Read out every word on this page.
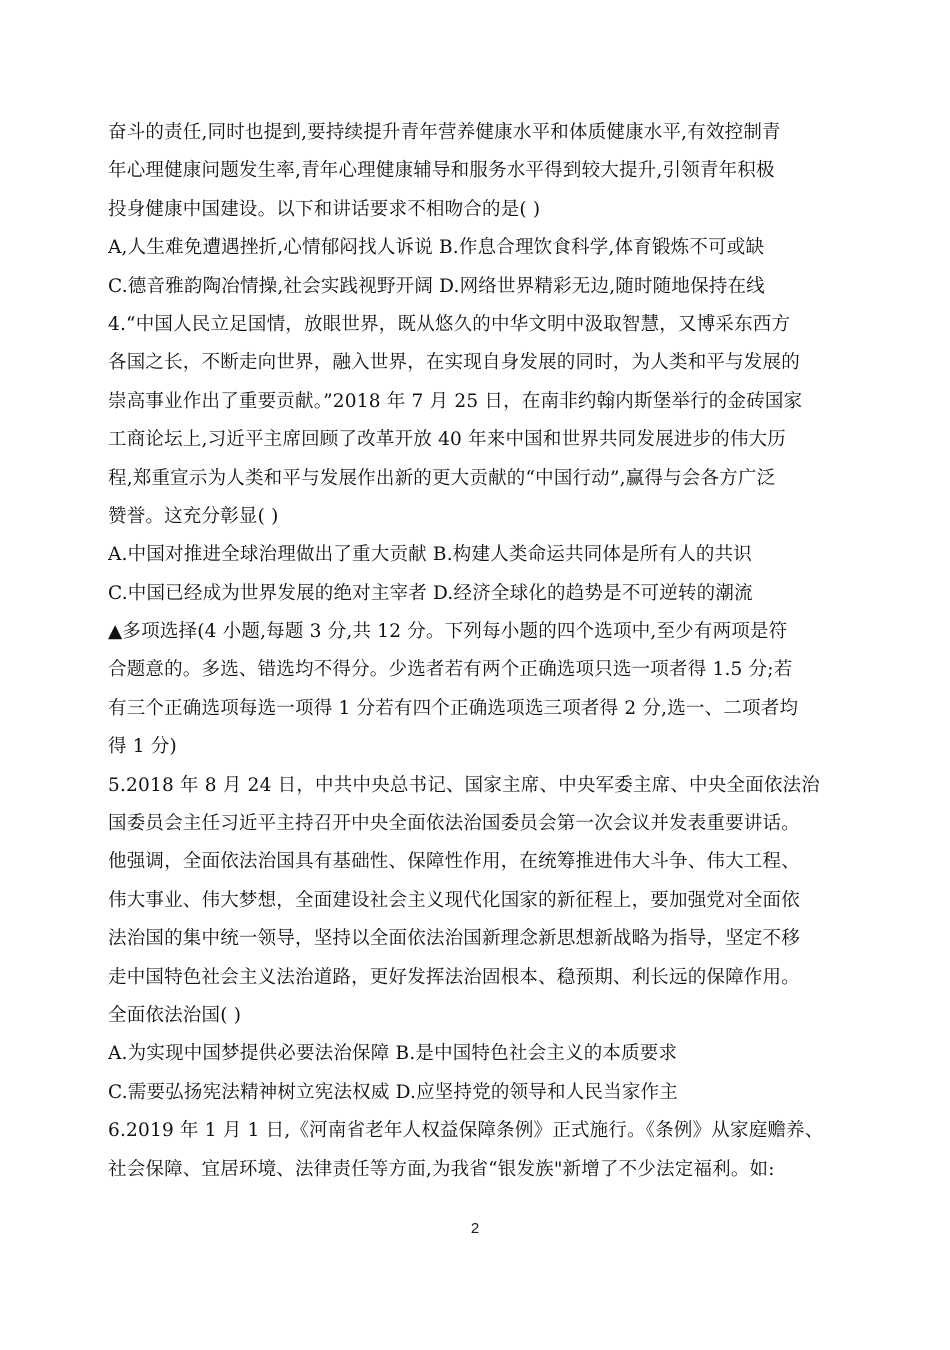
奋斗的责任,同时也提到,要持续提升青年营养健康水平和体质健康水平,有效控制青
年心理健康问题发生率,青年心理健康辅导和服务水平得到较大提升,引领青年积极
投身健康中国建设。以下和讲话要求不相吻合的是( )
A,人生难免遭遇挫折,心情郁闷找人诉说 B.作息合理饮食科学,体育锻炼不可或缺
C.德音雅韵陶冶情操,社会实践视野开阔 D.网络世界精彩无边,随时随地保持在线
4.“中国人民立足国情，放眼世界，既从悠久的中华文明中汲取智慧，又博采东西方
各国之长，不断走向世界，融入世界，在实现自身发展的同时，为人类和平与发展的
崇高事业作出了重要贡献。”2018 年 7 月 25 日，在南非约翰内斯堡举行的金砖国家
工商论坛上,习近平主席回顾了改革开放 40 年来中国和世界共同发展进步的伟大历
程,郑重宣示为人类和平与发展作出新的更大贡献的“中国行动”,赢得与会各方广泛
赞誉。这充分彰显( )
A.中国对推进全球治理做出了重大贡献 B.构建人类命运共同体是所有人的共识
C.中国已经成为世界发展的绝对主宰者 D.经济全球化的趋势是不可逆转的潮流
▲多项选择(4 小题,每题 3 分,共 12 分。下列每小题的四个选项中,至少有两项是符
合题意的。多选、错选均不得分。少选者若有两个正确选项只选一项者得 1.5 分;若
有三个正确选项每选一项得 1 分若有四个正确选项选三项者得 2 分,选一、二项者均
得 1 分)
5.2018 年 8 月 24 日，中共中央总书记、国家主席、中央军委主席、中央全面依法治
国委员会主任习近平主持召开中央全面依法治国委员会第一次会议并发表重要讲话。
他强调，全面依法治国具有基础性、保障性作用，在统筹推进伟大斗争、伟大工程、
伟大事业、伟大梦想，全面建设社会主义现代化国家的新征程上，要加强党对全面依
法治国的集中统一领导，坚持以全面依法治国新理念新思想新战略为指导，坚定不移
走中国特色社会主义法治道路，更好发挥法治固根本、稳预期、利长远的保障作用。
全面依法治国( )
A.为实现中国梦提供必要法治保障 B.是中国特色社会主义的本质要求
C.需要弘扬宪法精神树立宪法权威 D.应坚持党的领导和人民当家作主
6.2019 年 1 月 1 日,《河南省老年人权益保障条例》正式施行。《条例》从家庭赡养、
社会保障、宜居环境、法律责任等方面,为我省“银发族"新增了不少法定福利。如:
2
